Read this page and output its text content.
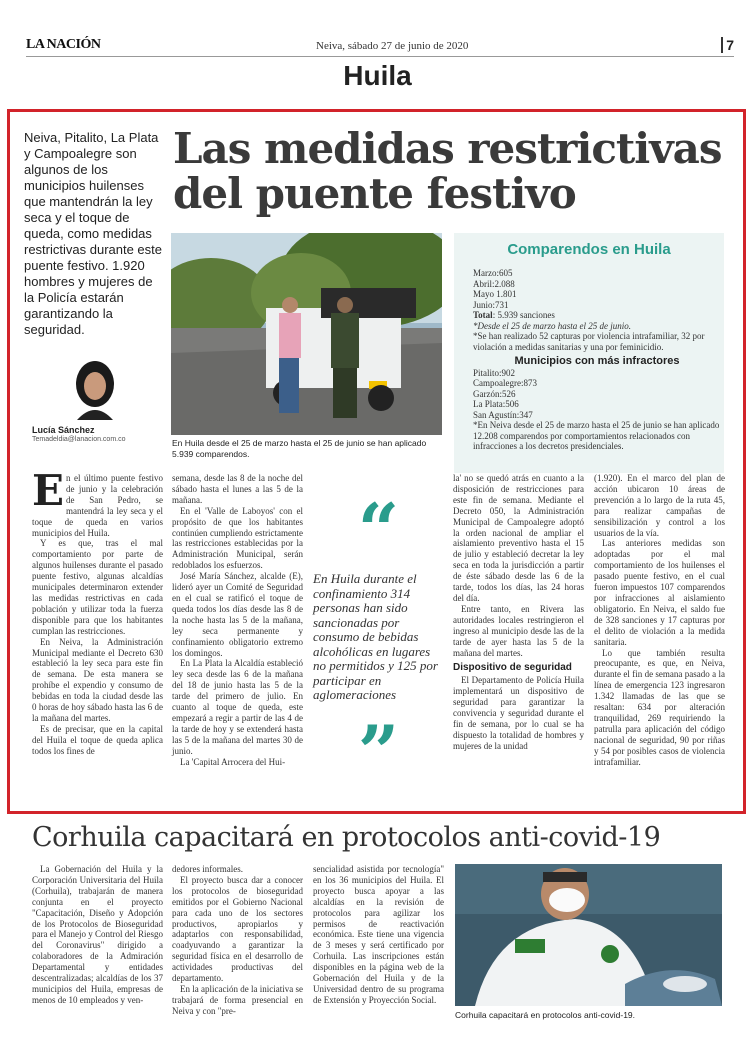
LA NACIÓN	Neiva, sábado 27 de junio de 2020	7
Huila
Neiva, Pitalito, La Plata y Campoalegre son algunos de los municipios huilenses que mantendrán la ley seca y el toque de queda, como medidas restrictivas durante este puente festivo. 1.920 hombres y mujeres de la Policía estarán garantizando la seguridad.
Lucía Sánchez
Temadeldia@lanacion.com.co
Las medidas restrictivas del puente festivo
En Huila desde el 25 de marzo hasta el 25 de junio se han aplicado 5.939 comparendos.
Comparendos en Huila
Marzo:605
Abril:2.088
Mayo 1.801
Junio:731
Total: 5.939 sanciones
*Desde el 25 de marzo hasta el 25 de junio.
*Se han realizado 52 capturas por violencia intrafamiliar, 32 por violación a medidas sanitarias y una por feminicidio.
Municipios con más infractores
Pitalito:902
Campoalegre:873
Garzón:526
La Plata:506
San Agustín:347
*En Neiva desde el 25 de marzo hasta el 25 de junio se han aplicado 12.208 comparendos por comportamientos relacionados con infracciones a los decretos presidenciales.
En el último puente festivo de junio y la celebración de San Pedro, se mantendrá la ley seca y el toque de queda en varios municipios del Huila.

Y es que, tras el mal comportamiento por parte de algunos huilenses durante el pasado puente festivo, algunas alcaldías municipales determinaron extender las medidas restrictivas en cada población y utilizar toda la fuerza disponible para que los habitantes cumplan las restricciones.

En Neiva, la Administración Municipal mediante el Decreto 630 estableció la ley seca para este fin de semana. De esta manera se prohíbe el expendio y consumo de bebidas en toda la ciudad desde las 0 horas de hoy sábado hasta las 6 de la mañana del martes.

Es de precisar, que en la capital del Huila el toque de queda aplica todos los fines de

semana, desde las 8 de la noche del sábado hasta el lunes a las 5 de la mañana.

En el 'Valle de Laboyos' con el propósito de que los habitantes continúen cumpliendo estrictamente las restricciones establecidas por la Administración Municipal, serán redoblados los esfuerzos.

José María Sánchez, alcalde (E), lideró ayer un Comité de Seguridad en el cual se ratificó el toque de queda todos los días desde las 8 de la noche hasta las 5 de la mañana, ley seca permanente y confinamiento obligatorio extremo los domingos.

En La Plata la Alcaldía estableció ley seca desde las 6 de la mañana del 18 de junio hasta las 5 de la tarde del primero de julio. En cuanto al toque de queda, este empezará a regir a partir de las 4 de la tarde de hoy y se extenderá hasta las 5 de la mañana del martes 30 de junio.

La 'Capital Arrocera del Hui-

“
En Huila durante el confinamiento 314 personas han sido sancionadas por consumo de bebidas alcohólicas en lugares no permitidos y 125 por participar en aglomeraciones
”

la' no se quedó atrás en cuanto a la disposición de restricciones para este fin de semana. Mediante el Decreto 050, la Administración Municipal de Campoalegre adoptó la orden nacional de ampliar el aislamiento preventivo hasta el 15 de julio y estableció decretar la ley seca en toda la jurisdicción a partir de éste sábado desde las 6 de la tarde, todos los días, las 24 horas del día.

Entre tanto, en Rivera las autoridades locales restringieron el ingreso al municipio desde las de la tarde de ayer hasta las 5 de la mañana del martes.

Dispositivo de seguridad

El Departamento de Policía Huila implementará un dispositivo de seguridad para garantizar la convivencia y seguridad durante el fin de semana, por lo cual se ha dispuesto la totalidad de hombres y mujeres de la unidad

(1.920). En el marco del plan de acción ubicaron 10 áreas de prevención a lo largo de la ruta 45, para realizar campañas de sensibilización y control a los usuarios de la vía.

Las anteriores medidas son adoptadas por el mal comportamiento de los huilenses el pasado puente festivo, en el cual fueron impuestos 107 comparendos por infracciones al aislamiento obligatorio. En Neiva, el saldo fue de 328 sanciones y 17 capturas por el delito de violación a la medida sanitaria.

Lo que también resulta preocupante, es que, en Neiva, durante el fin de semana pasado a la línea de emergencia 123 ingresaron 1.342 llamadas de las que se resaltan: 634 por alteración tranquilidad, 269 requiriendo la patrulla para aplicación del código nacional de seguridad, 90 por riñas y 54 por posibles casos de violencia intrafamiliar.

Corhuila capacitará en protocolos anti-covid-19

La Gobernación del Huila y la Corporación Universitaria del Huila (Corhuila), trabajarán de manera conjunta en el proyecto "Capacitación, Diseño y Adopción de los Protocolos de Bioseguridad para el Manejo y Control del Riesgo del Coronavirus" dirigido a colaboradores de la Admiración Departamental y entidades descentralizadas; alcaldías de los 37 municipios del Huila, empresas de menos de 10 empleados y ven-

dedores informales.

El proyecto busca dar a conocer los protocolos de bioseguridad emitidos por el Gobierno Nacional para cada uno de los sectores productivos, apropiarlos y adaptarlos con responsabilidad, coadyuvando a garantizar la seguridad física en el desarrollo de actividades productivas del departamento.

En la aplicación de la iniciativa se trabajará de forma presencial en Neiva y con "pre-

sencialidad asistida por tecnología" en los 36 municipios del Huila. El proyecto busca apoyar a las alcaldías en la revisión de protocolos para agilizar los permisos de reactivación económica. Este tiene una vigencia de 3 meses y será certificado por Corhuila. Las inscripciones están disponibles en la página web de la Gobernación del Huila y de la Universidad dentro de su programa de Extensión y Proyección Social.

Corhuila capacitará en protocolos anti-covid-19.
